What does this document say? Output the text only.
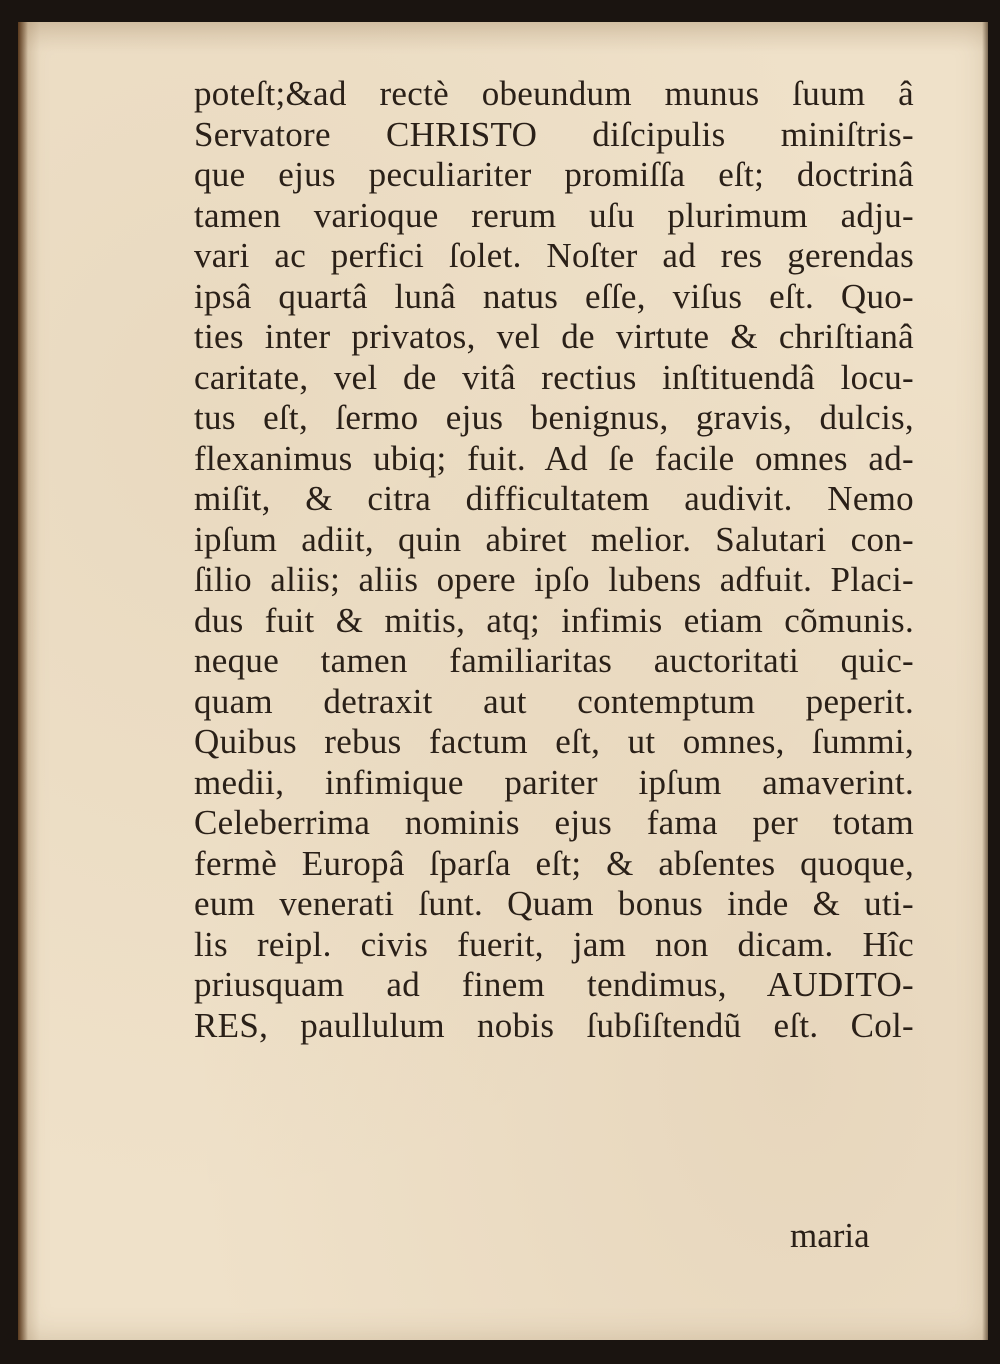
poteſt;&ad rectè obeundum munus ſuum â
Servatore CHRISTO diſcipulis miniſtris-
que ejus peculiariter promiſſa eſt; doctrinâ
tamen varioque rerum uſu plurimum adju-
vari ac perfici ſolet. Noſter ad res gerendas
ipsâ quartâ lunâ natus eſſe, viſus eſt. Quo-
ties inter privatos, vel de virtute & chriſtianâ
caritate, vel de vitâ rectius inſtituendâ locu-
tus eſt, ſermo ejus benignus, gravis, dulcis,
flexanimus ubiq; fuit. Ad ſe facile omnes ad-
miſit, & citra difficultatem audivit. Nemo
ipſum adiit, quin abiret melior. Salutari con-
ſilio aliis; aliis opere ipſo lubens adfuit. Placi-
dus fuit & mitis, atq; infimis etiam cõmunis.
neque tamen familiaritas auctoritati quic-
quam detraxit aut contemptum peperit.
Quibus rebus factum eſt, ut omnes, ſummi,
medii, infimique pariter ipſum amaverint.
Celeberrima nominis ejus fama per totam
fermè Europâ ſparſa eſt; & abſentes quoque,
eum venerati ſunt. Quam bonus inde & uti-
lis reipl. civis fuerit, jam non dicam. Hîc
priusquam ad finem tendimus, AUDITO-
RES, paullulum nobis ſubſiſtendũ eſt. Col-
maria
